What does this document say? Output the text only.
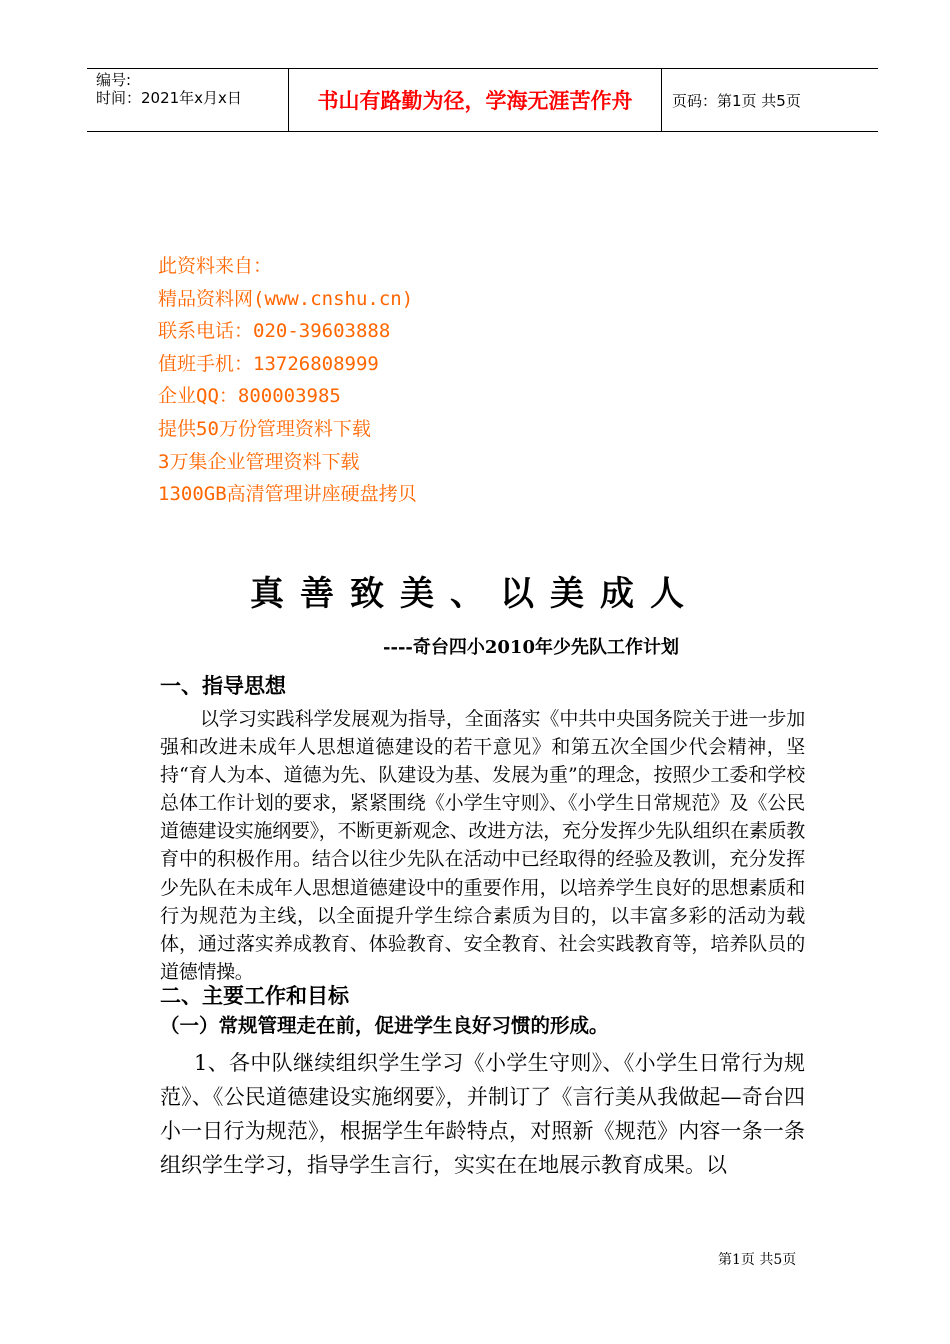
编号:
时间：2021年x月x日	书山有路勤为径，学海无涯苦作舟	页码：第1页 共5页
此资料来自：
精品资料网(www.cnshu.cn)
联系电话：020-39603888
值班手机：13726808999
企业QQ：800003985
提供50万份管理资料下载
3万集企业管理资料下载
1300GB高清管理讲座硬盘拷贝
真善致美、以美成人
----奇台四小2010年少先队工作计划
一、指导思想

以学习实践科学发展观为指导，全面落实《中共中央国务院关于进一步加强和改进未成年人思想道德建设的若干意见》和第五次全国少代会精神，坚持“育人为本、道德为先、队建设为基、发展为重”的理念，按照少工委和学校总体工作计划的要求，紧紧围绕《小学生守则》、《小学生日常规范》及《公民道德建设实施纲要》，不断更新观念、改进方法，充分发挥少先队组织在素质教育中的积极作用。结合以往少先队在活动中已经取得的经验及教训，充分发挥少先队在未成年人思想道德建设中的重要作用，以培养学生良好的思想素质和行为规范为主线，以全面提升学生综合素质为目的，以丰富多彩的活动为载体，通过落实养成教育、体验教育、安全教育、社会实践教育等，培养队员的道德情操。

二、主要工作和目标
（一）常规管理走在前，促进学生良好习惯的形成。

1、各中队继续组织学生学习《小学生守则》、《小学生日常行为规范》、《公民道德建设实施纲要》，并制订了《言行美从我做起—奇台四小一日行为规范》，根据学生年龄特点，对照新《规范》内容一条一条组织学生学习，指导学生言行，实实在在地展示教育成果。以

第1页 共5页
